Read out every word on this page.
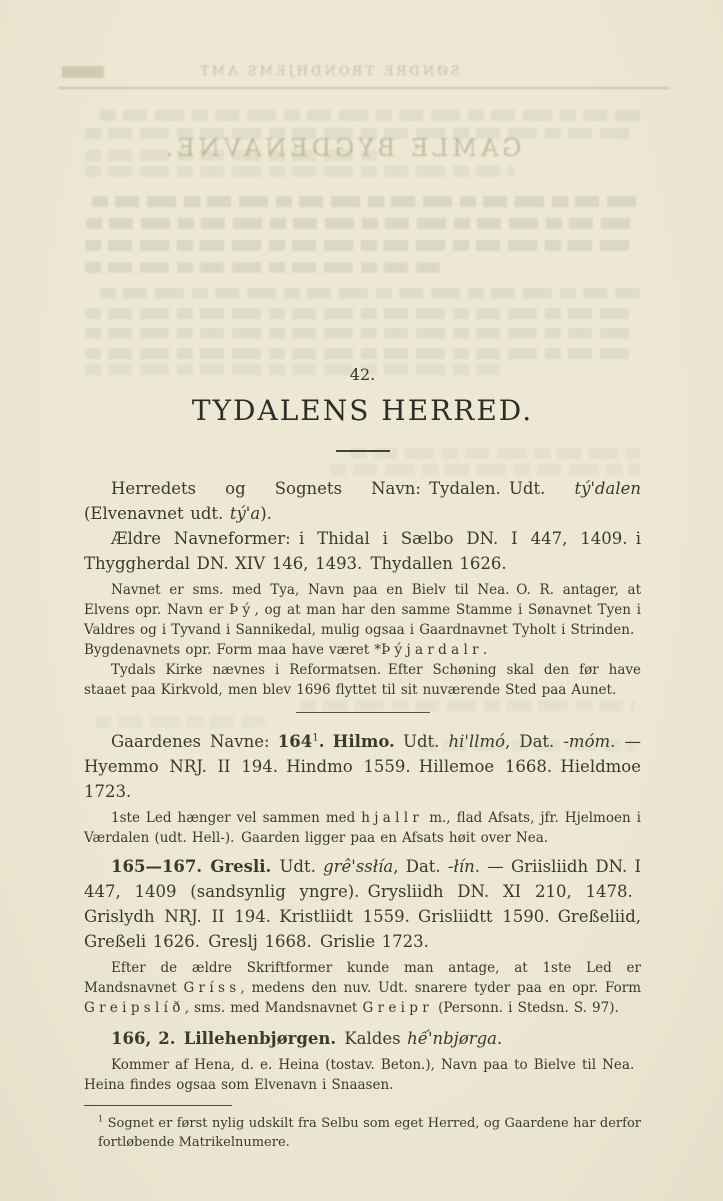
SØNDRE TRONDHJEMS AMT
GAMLE BYGDENAVNE.

42.

TYDALENS HERRED.

Herredets og Sognets Navn: Tydalen. Udt. tý'dalen (Elvenavnet udt. tý'a).

Ældre Navneformer: i Thidal i Sælbo DN. I 447, 1409. i Thyggherdal DN. XIV 146, 1493. Thydallen 1626.

Navnet er sms. med Tya, Navn paa en Bielv til Nea. O. R. antager, at Elvens opr. Navn er Þý, og at man har den samme Stamme i Sønavnet Tyen i Valdres og i Tyvand i Sannikedal, mulig ogsaa i Gaardnavnet Tyholt i Strinden. Bygdenavnets opr. Form maa have været *Þýjardalr.

Tydals Kirke nævnes i Reformatsen. Efter Schøning skal den før have staaet paa Kirkvold, men blev 1696 flyttet til sit nuværende Sted paa Aunet.

Gaardenes Navne: $164^1$. Hilmo. Udt. hi'llmó, Dat. -móm. — Hyemmo NRJ. II 194. Hindmo 1559. Hillemoe 1668. Hieldmoe 1723.

1ste Led hænger vel sammen med hjallr m., flad Afsats, jfr. Hjelmoen i Værdalen (udt. Hell-). Gaarden ligger paa en Afsats høit over Nea.

165—167. Gresli. Udt. grê'ssłía, Dat. -łín. — Griisliidh DN. I 447, 1409 (sandsynlig yngre). Grysliidh DN. XI 210, 1478. Grislydh NRJ. II 194. Kristliidt 1559. Grisliidtt 1590. Greßeliid, Greßeli 1626. Greslj 1668. Grislie 1723.

Efter de ældre Skriftformer kunde man antage, at 1ste Led er Mandsnavnet Gríss, medens den nuv. Udt. snarere tyder paa en opr. Form Greipslíð, sms. med Mandsnavnet Greipr (Personn. i Stedsn. S. 97).

166, 2. Lillehenbjørgen. Kaldes hế'nbjørga.

Kommer af Hena, d. e. Heina (tostav. Beton.), Navn paa to Bielve til Nea. Heina findes ogsaa som Elvenavn i Snaasen.

$^1$ Sognet er først nylig udskilt fra Selbu som eget Herred, og Gaardene har derfor fortløbende Matrikelnumere.
